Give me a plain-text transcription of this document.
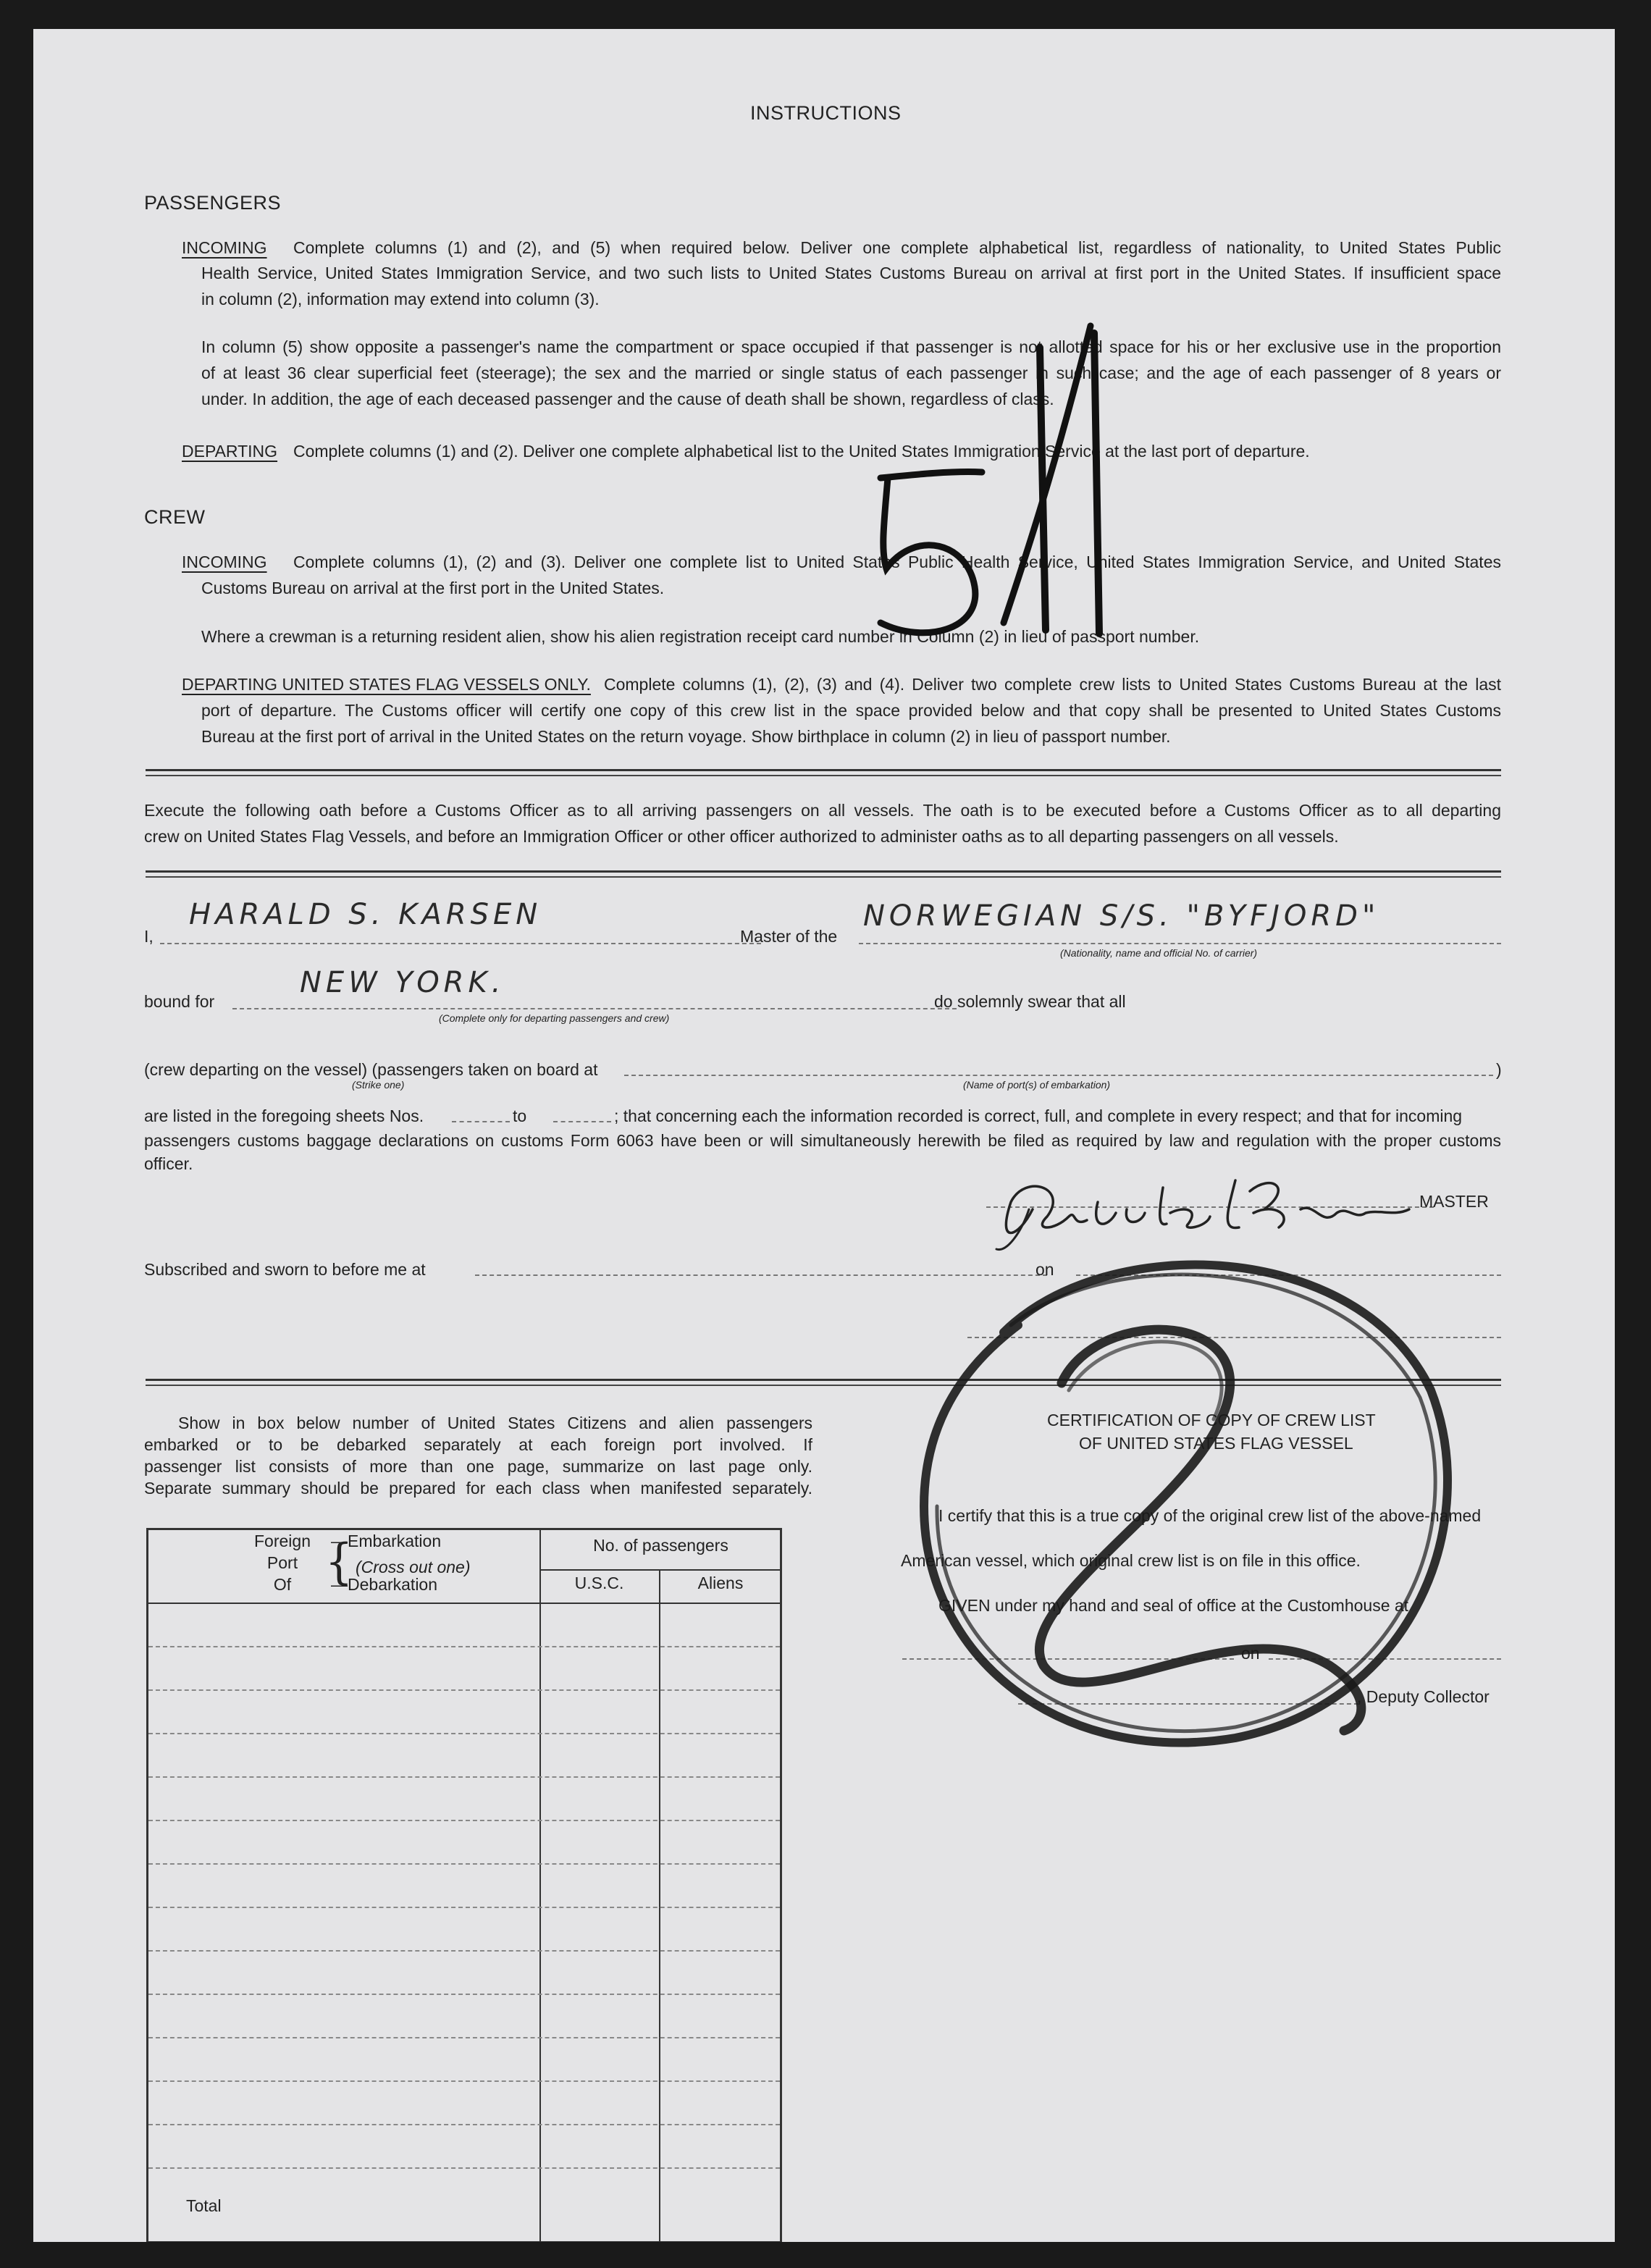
INSTRUCTIONS
PASSENGERS
INCOMING Complete columns (1) and (2), and (5) when required below. Deliver one complete alphabetical list, regardless of nationality, to United States Public
Health Service, United States Immigration Service, and two such lists to United States Customs Bureau on arrival at first port in the United States. If insufficient space
in column (2), information may extend into column (3).
In column (5) show opposite a passenger's name the compartment or space occupied if that passenger is not allotted space for his or her exclusive use in the proportion
of at least 36 clear superficial feet (steerage); the sex and the married or single status of each passenger in such case; and the age of each passenger of 8 years or
under. In addition, the age of each deceased passenger and the cause of death shall be shown, regardless of class.
DEPARTING Complete columns (1) and (2). Deliver one complete alphabetical list to the United States Immigration Service at the last port of departure.
CREW
INCOMING Complete columns (1), (2) and (3). Deliver one complete list to United States Public Health Service, United States Immigration Service, and United States
Customs Bureau on arrival at the first port in the United States.
Where a crewman is a returning resident alien, show his alien registration receipt card number in Column (2) in lieu of passport number.
DEPARTING UNITED STATES FLAG VESSELS ONLY. Complete columns (1), (2), (3) and (4). Deliver two complete crew lists to United States Customs Bureau at the last
port of departure. The Customs officer will certify one copy of this crew list in the space provided below and that copy shall be presented to United States Customs
Bureau at the first port of arrival in the United States on the return voyage. Show birthplace in column (2) in lieu of passport number.
Execute the following oath before a Customs Officer as to all arriving passengers on all vessels. The oath is to be executed before a Customs Officer as to all departing
crew on United States Flag Vessels, and before an Immigration Officer or other officer authorized to administer oaths as to all departing passengers on all vessels.
I,
HARALD S. KARSEN
Master of the
NORWEGIAN S/S. "BYFJORD"
(Nationality, name and official No. of carrier)
bound for
NEW YORK.
(Complete only for departing passengers and crew)
do solemnly swear that all
(crew departing on the vessel) (passengers taken on board at	)
(Strike one)	(Name of port(s) of embarkation)
are listed in the foregoing sheets Nos.	to	; that concerning each the information recorded is correct, full, and complete in every respect; and that for incoming
passengers customs baggage declarations on customs Form 6063 have been or will simultaneously herewith be filed as required by law and regulation with the proper customs
officer.
MASTER
Subscribed and sworn to before me at	on
Show in box below number of United States Citizens and alien passengers
embarked or to be debarked separately at each foreign port involved. If
passenger list consists of more than one page, summarize on last page only.
Separate summary should be prepared for each class when manifested separately.
Foreign
Port
Of {
—Embarkation
(Cross out one)
—Debarkation
No. of passengers
U.S.C.	Aliens
Total
CERTIFICATION OF COPY OF CREW LIST
OF UNITED STATES FLAG VESSEL
I certify that this is a true copy of the original crew list of the above-named
American vessel, which original crew list is on file in this office.
GIVEN under my hand and seal of office at the Customhouse at
on
, Deputy Collector
